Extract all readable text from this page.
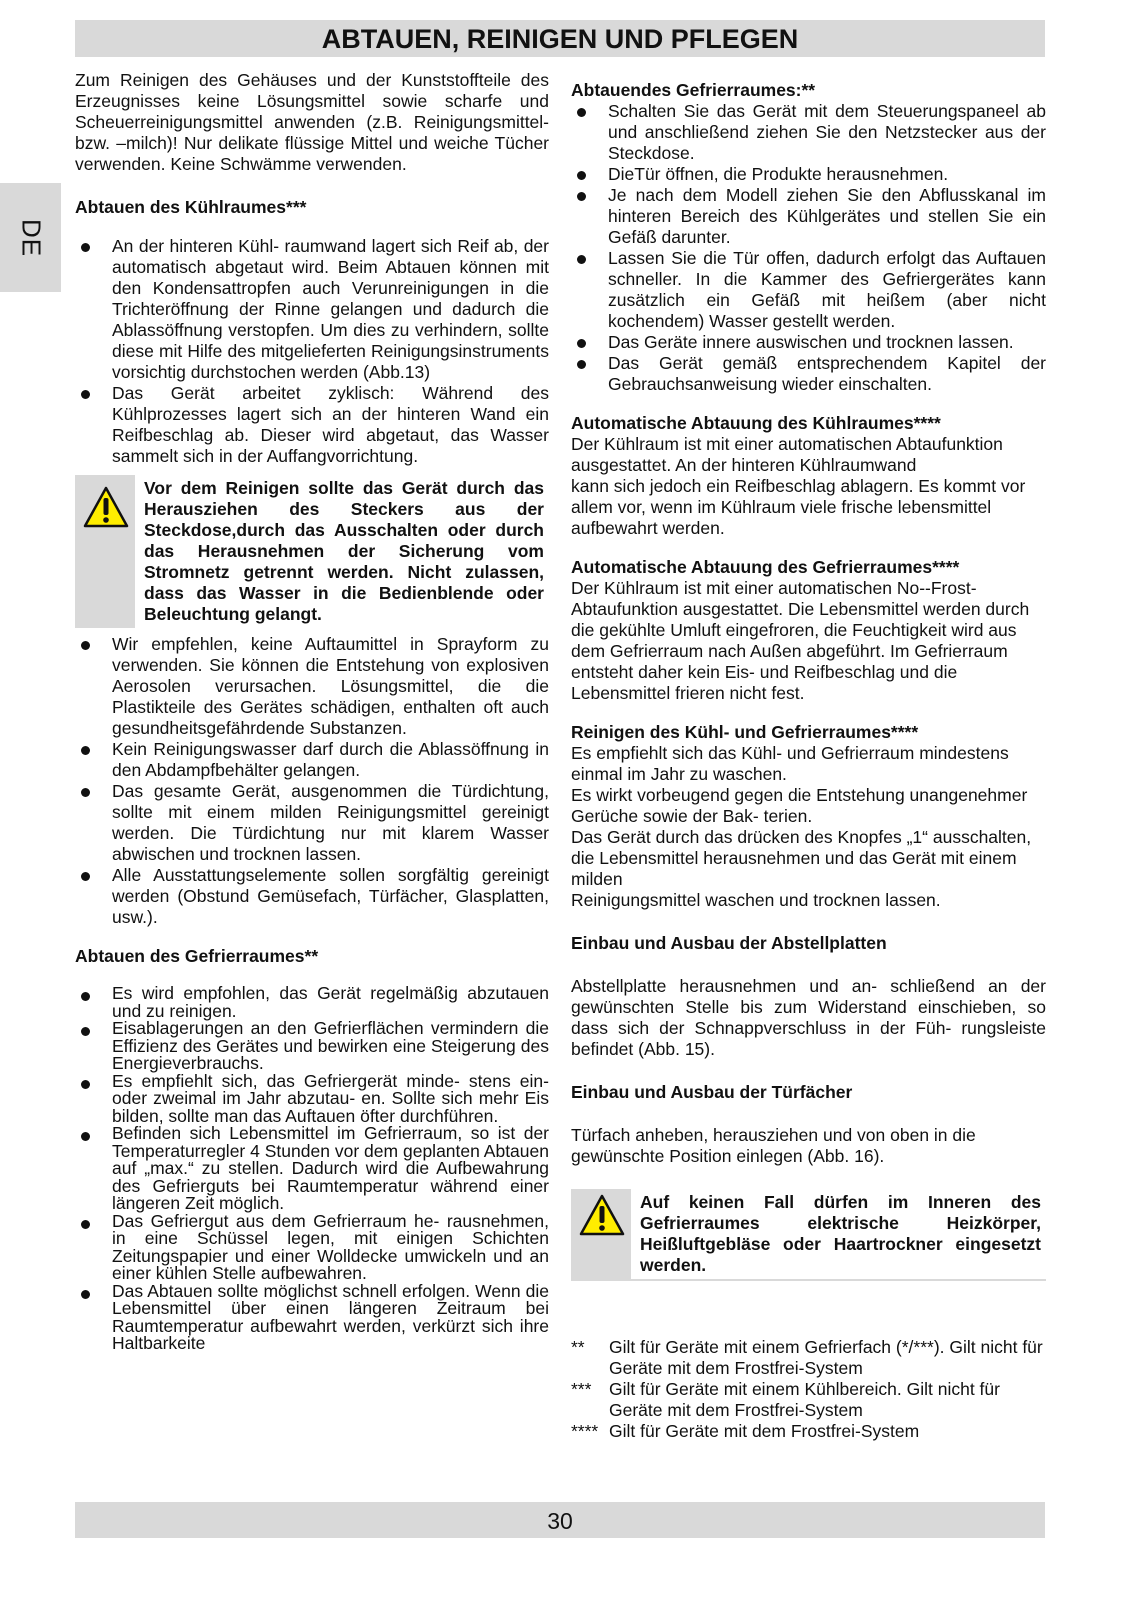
ABTAUEN, REINIGEN UND PFLEGEN
DE

Zum Reinigen des Gehäuses und der Kunststoffteile des Erzeugnisses keine Lösungsmittel sowie scharfe und Scheuerreinigungsmittel anwenden (z.B. Reinigungsmittel- bzw. –milch)! Nur delikate flüssige Mittel und weiche Tücher verwenden. Keine Schwämme verwenden.

Abtauen des Kühlraumes***
An der hinteren Kühl- raumwand lagert sich Reif ab, der automatisch abgetaut wird. Beim Abtauen können mit den Kondensattropfen auch Verunreinigungen in die Trichteröffnung der Rinne gelangen und dadurch die Ablassöffnung verstopfen. Um dies zu verhindern, sollte diese mit Hilfe des mitgelieferten Reinigungsinstruments vorsichtig durchstochen werden (Abb.13)
Das Gerät arbeitet zyklisch: Während des Kühlprozesses lagert sich an der hinteren Wand ein Reifbeschlag ab. Dieser wird abgetaut, das Wasser sammelt sich in der Auffangvorrichtung.
Vor dem Reinigen sollte das Gerät durch das Herausziehen des Steckers aus der Steckdose,durch das Ausschalten oder durch das Herausnehmen der Sicherung vom Stromnetz getrennt werden. Nicht zulassen, dass das Wasser in die Bedienblende oder Beleuchtung gelangt.
Wir empfehlen, keine Auftaumittel in Sprayform zu verwenden. Sie können die Entstehung von explosiven Aerosolen verursachen. Lösungsmittel, die die Plastikteile des Gerätes schädigen, enthalten oft auch gesundheitsgefährdende Substanzen.
Kein Reinigungswasser darf durch die Ablassöffnung in den Abdampfbehälter gelangen.
Das gesamte Gerät, ausgenommen die Türdichtung, sollte mit einem milden Reinigungsmittel gereinigt werden. Die Türdichtung nur mit klarem Wasser abwischen und trocknen lassen.
Alle Ausstattungselemente sollen sorgfältig gereinigt werden (Obstund Gemüsefach, Türfächer, Glasplatten, usw.).
Abtauen des Gefrierraumes**
Es wird empfohlen, das Gerät regelmäßig abzutauen und zu reinigen.
Eisablagerungen an den Gefrierflächen vermindern die Effizienz des Gerätes und bewirken eine Steigerung des Energieverbrauchs.
Es empfiehlt sich, das Gefriergerät minde- stens ein- oder zweimal im Jahr abzutau- en. Sollte sich mehr Eis bilden, sollte man das Auftauen öfter durchführen.
Befinden sich Lebensmittel im Gefrierraum, so ist der Temperaturregler 4 Stunden vor dem geplanten Abtauen auf „max.“ zu stellen. Dadurch wird die Aufbewahrung des Gefrierguts bei Raumtemperatur während einer längeren Zeit möglich.
Das Gefriergut aus dem Gefrierraum he- rausnehmen, in eine Schüssel legen, mit einigen Schichten Zeitungspapier und einer Wolldecke umwickeln und an einer kühlen Stelle aufbewahren.
Das Abtauen sollte möglichst schnell erfolgen. Wenn die Lebensmittel über einen längeren Zeitraum bei Raumtemperatur aufbewahrt werden, verkürzt sich ihre Haltbarkeite
Abtauendes Gefrierraumes:**
Schalten Sie das Gerät mit dem Steuerungspaneel ab und anschließend ziehen Sie den Netzstecker aus der Steckdose.
DieTür öffnen, die Produkte herausnehmen.
Je nach dem Modell ziehen Sie den Abflusskanal im hinteren Bereich des Kühlgerätes und stellen Sie ein Gefäß darunter.
Lassen Sie die Tür offen, dadurch erfolgt das Auftauen schneller. In die Kammer des Gefriergerätes kann zusätzlich ein Gefäß mit heißem (aber nicht kochendem) Wasser gestellt werden.
Das Geräte innere auswischen und trocknen lassen.
Das Gerät gemäß entsprechendem Kapitel der Gebrauchsanweisung wieder einschalten.
Automatische Abtauung des Kühlraumes****

Der Kühlraum ist mit einer automatischen Abtaufunktion ausgestattet. An der hinteren Kühlraumwand

kann sich jedoch ein Reifbeschlag ablagern. Es kommt vor allem vor, wenn im Kühlraum viele frische lebensmittel aufbewahrt werden.

Automatische Abtauung des Gefrierraumes****

Der Kühlraum ist mit einer automatischen No--Frost-

Abtaufunktion ausgestattet. Die Lebensmittel werden durch die gekühlte Umluft eingefroren, die Feuchtigkeit wird aus dem Gefrierraum nach Außen abgeführt. Im Gefrierraum entsteht daher kein Eis- und Reifbeschlag und die Lebensmittel frieren nicht fest.

Reinigen des Kühl- und Gefrierraumes****

Es empfiehlt sich das Kühl- und Gefrierraum mindestens einmal im Jahr zu waschen.

Es wirkt vorbeugend gegen die Entstehung unangenehmer Gerüche sowie der Bak- terien.

Das Gerät durch das drücken des Knopfes „1“ ausschalten, die Lebensmittel herausnehmen und das Gerät mit einem milden

Reinigungsmittel waschen und trocknen lassen.

Einbau und Ausbau der Abstellplatten

Abstellplatte herausnehmen und an- schließend an der gewünschten Stelle bis zum Widerstand einschieben, so dass sich der Schnappverschluss in der Füh- rungsleiste befindet (Abb. 15).

Einbau und Ausbau der Türfächer

Türfach anheben, herausziehen und von oben in die gewünschte Position einlegen (Abb. 16).

Auf keinen Fall dürfen im Inneren des Gefrierraumes elektrische Heizkörper, Heißluftgebläse oder Haartrockner eingesetzt werden.
** Gilt für Geräte mit einem Gefrierfach (*/***). Gilt nicht für Geräte mit dem Frostfrei-System
*** Gilt für Geräte mit einem Kühlbereich. Gilt nicht für Geräte mit dem Frostfrei-System
**** Gilt für Geräte mit dem Frostfrei-System
30
